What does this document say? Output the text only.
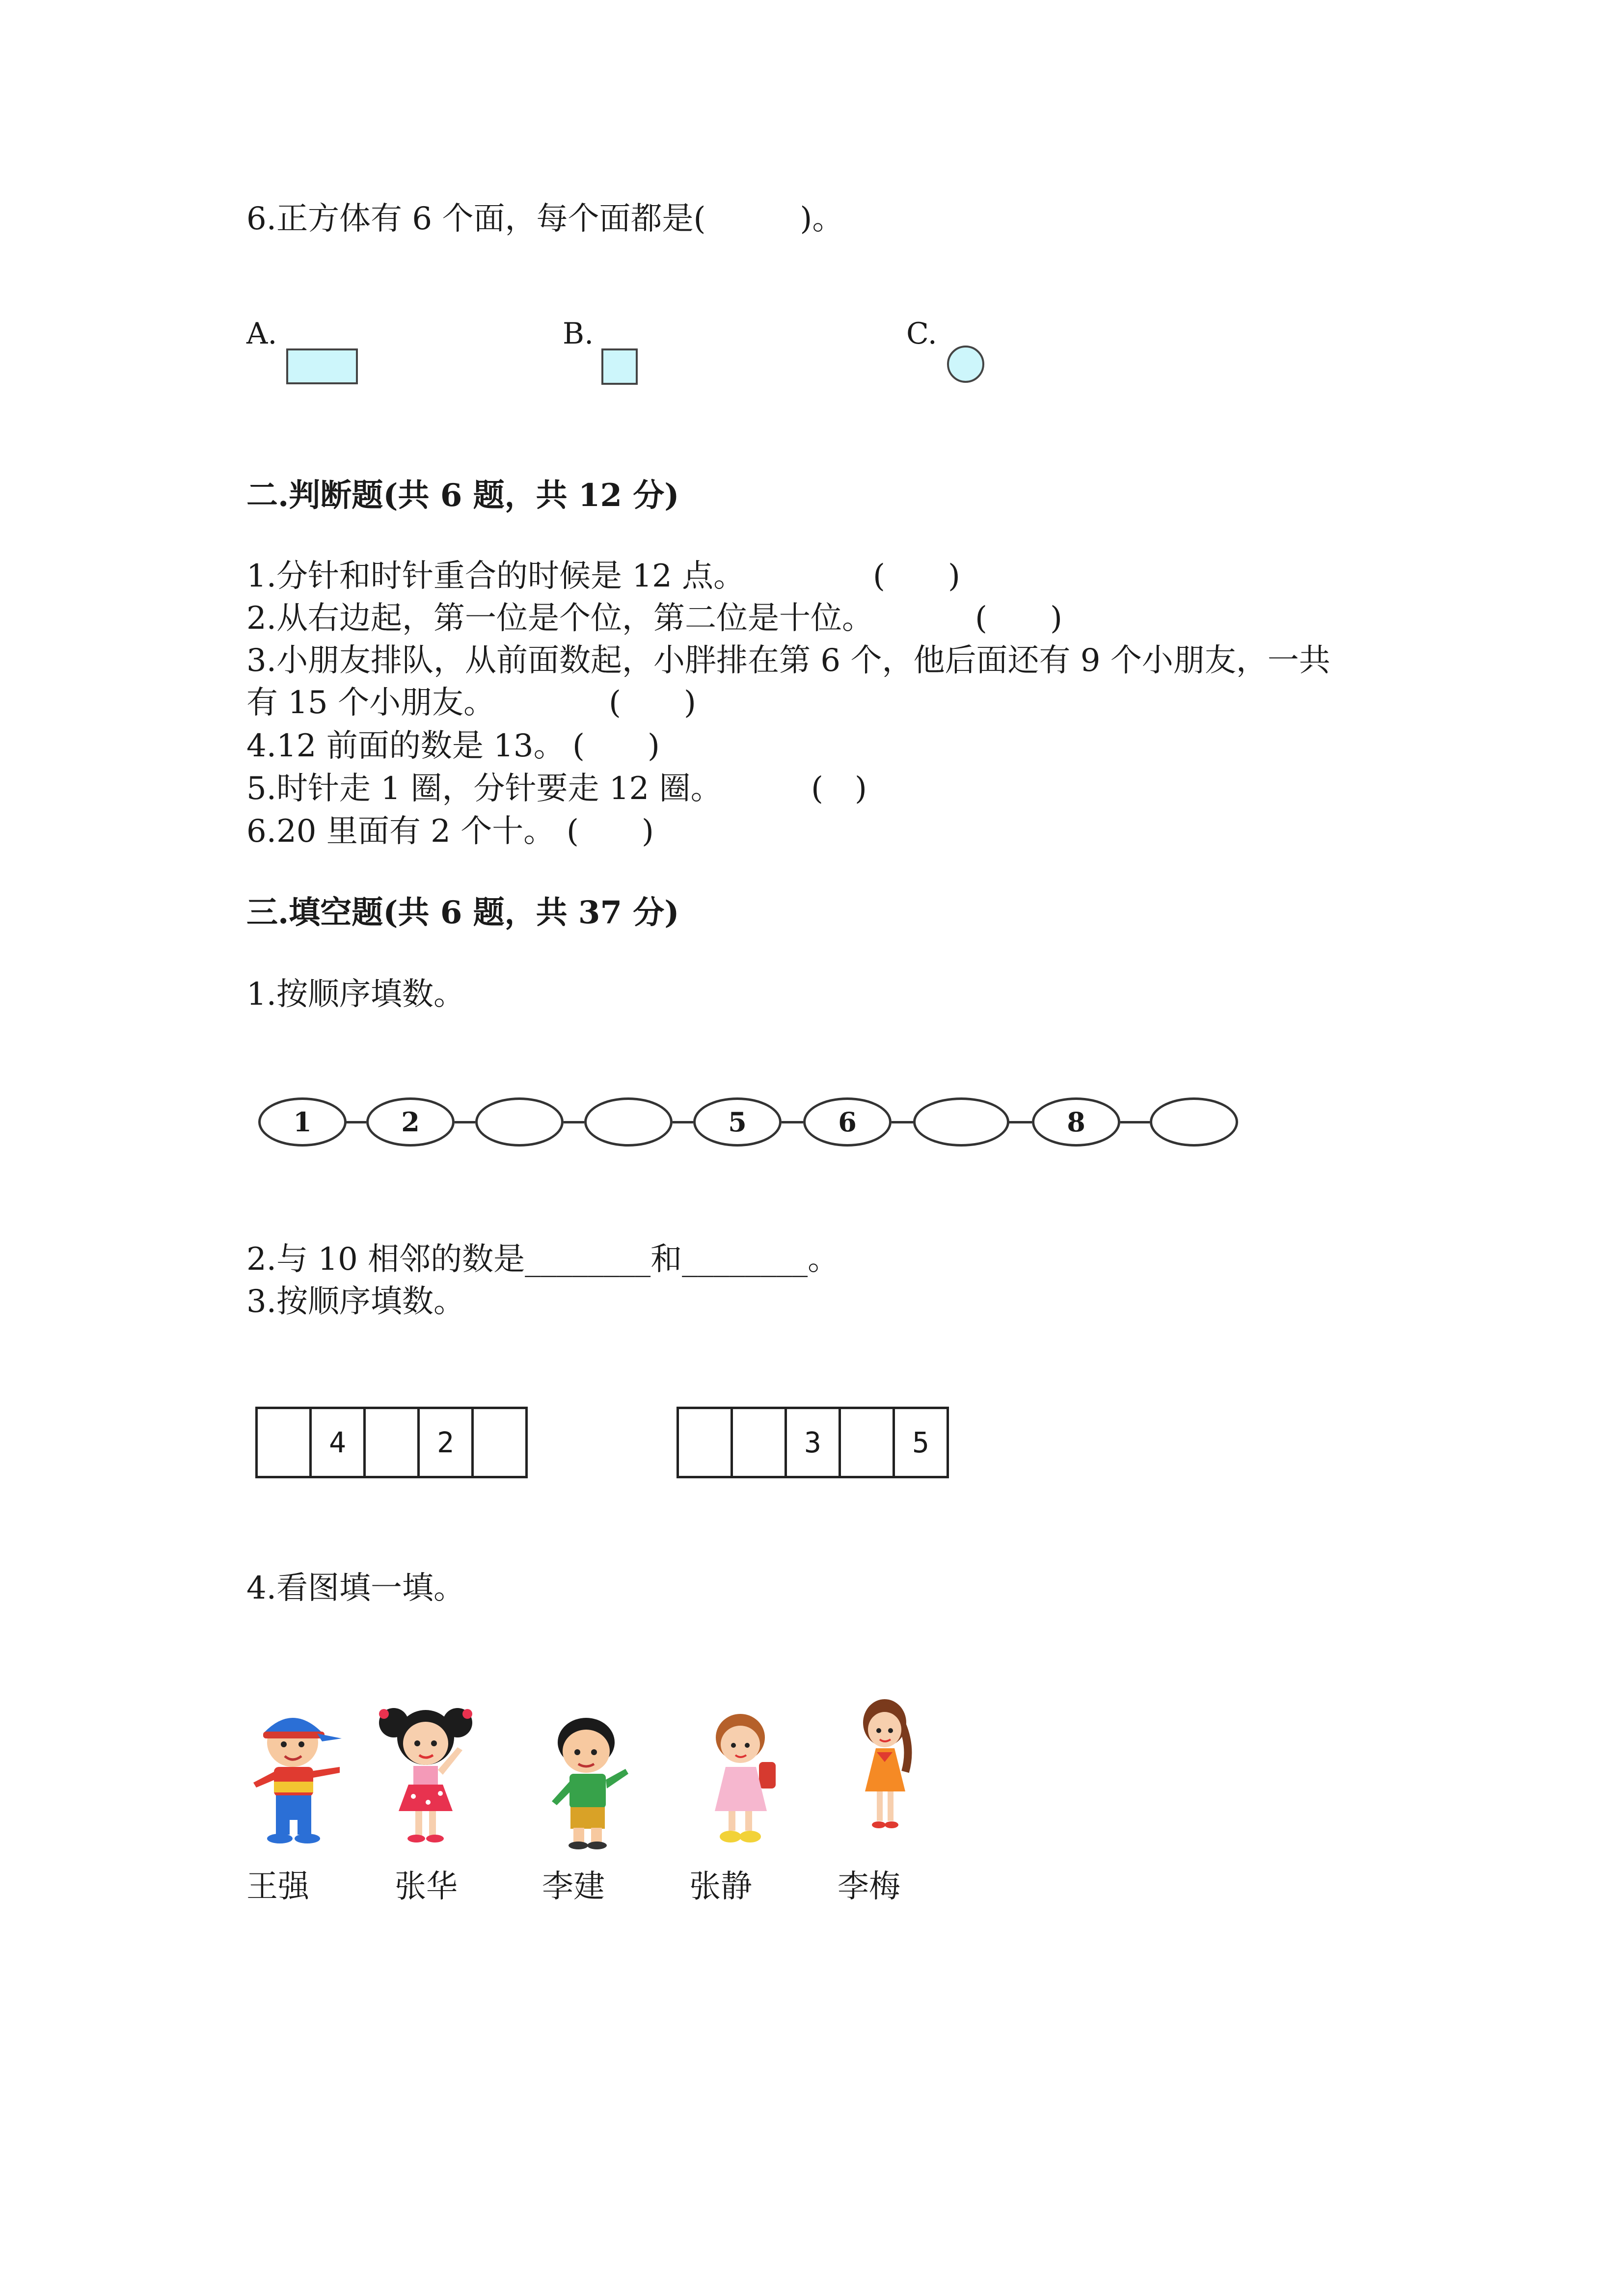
6.正方体有 6 个面，每个面都是(　　　)。
A.	B.	C.
二.判断题(共 6 题，共 12 分)
1.分针和时针重合的时候是 12 点。	(　　)
2.从右边起，第一位是个位，第二位是十位。	(　　)
3.小朋友排队，从前面数起，小胖排在第 6 个，他后面还有 9 个小朋友，一共
有 15 个小朋友。	(　　)
4.12 前面的数是 13。 (　　)
5.时针走 1 圈，分针要走 12 圈。	(　)
6.20 里面有 2 个十。 (　　)
三.填空题(共 6 题，共 37 分)
1.按顺序填数。
1	2	5	6	8
2.与 10 相邻的数是________和________。
3.按顺序填数。
4	2	3	5
4.看图填一填。
王强	张华	李建	张静	李梅
